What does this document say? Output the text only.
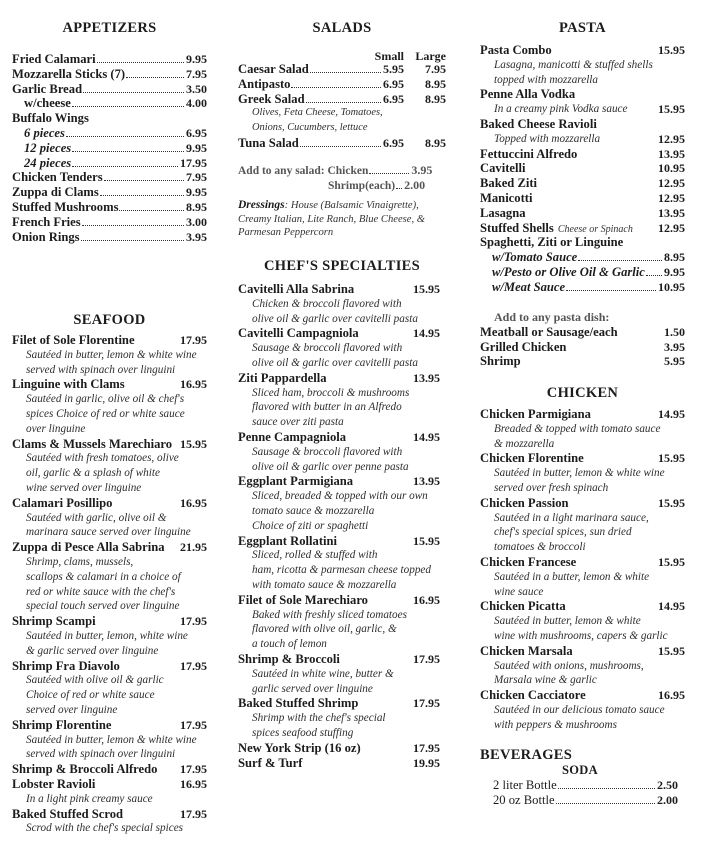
APPETIZERS
Fried Calamari	9.95
Mozzarella Sticks (7)	7.95
Garlic Bread	3.50
w/cheese	4.00
Buffalo Wings
6 pieces	6.95
12 pieces	9.95
24 pieces	17.95
Chicken Tenders	7.95
Zuppa di Clams	9.95
Stuffed Mushrooms	8.95
French Fries	3.00
Onion Rings	3.95
SEAFOOD
Filet of Sole Florentine	17.95
Sautéed in butter, lemon & white wine
served with spinach over linguini
Linguine with Clams	16.95
Sautéed in garlic, olive oil & chef's
spices Choice of red or white sauce
over linguine
Clams & Mussels Marechiaro 15.95
Sautéed with fresh tomatoes, olive
oil, garlic & a splash of white
wine served over linguine
Calamari Posillipo	16.95
Sautéed with garlic, olive oil &
marinara sauce served over linguine
Zuppa di Pesce Alla Sabrina 21.95
Shrimp, clams, mussels,
scallops & calamari in a choice of
red or white sauce with the chef's
special touch served over linguine
Shrimp Scampi	17.95
Sautéed in butter, lemon, white wine
& garlic served over linguine
Shrimp Fra Diavolo	17.95
Sautéed with olive oil & garlic
Choice of red or white sauce
served over linguine
Shrimp Florentine	17.95
Sautéed in butter, lemon & white wine
served with spinach over linguini
Shrimp & Broccoli Alfredo 17.95
Lobster Ravioli	16.95
In a light pink creamy sauce
Baked Stuffed Scrod	17.95
Scrod with the chef's special spices
SALADS
Small Large
Caesar Salad	5.95	7.95
Antipasto	6.95	8.95
Greek Salad	6.95	8.95
Olives, Feta Cheese, Tomatoes,
Onions, Cucumbers, lettuce
Tuna Salad	6.95	8.95
Add to any salad:
Chicken	3.95
Shrimp(each) 2.00
Dressings: House (Balsamic Vinaigrette), Creamy Italian, Lite Ranch, Blue Cheese, & Parmesan Peppercorn
CHEF'S SPECIALTIES
Cavitelli Alla Sabrina	15.95
Chicken & broccoli flavored with
olive oil & garlic over cavitelli pasta
Cavitelli Campagniola	14.95
Sausage & broccoli flavored with
olive oil & garlic over cavitelli pasta
Ziti Pappardella	13.95
Sliced ham, broccoli & mushrooms
flavored with butter in an Alfredo
sauce over ziti pasta
Penne Campagniola	14.95
Sausage & broccoli flavored with
olive oil & garlic over penne pasta
Eggplant Parmigiana	13.95
Sliced, breaded & topped with our own
tomato sauce & mozzarella
Choice of ziti or spaghetti
Eggplant Rollatini	15.95
Sliced, rolled & stuffed with
ham, ricotta & parmesan cheese topped
with tomato sauce & mozzarella
Filet of Sole Marechiaro	16.95
Baked with freshly sliced tomatoes
flavored with olive oil, garlic, &
a touch of lemon
Shrimp & Broccoli	17.95
Sautéed in white wine, butter &
garlic served over linguine
Baked Stuffed Shrimp	17.95
Shrimp with the chef's special
spices seafood stuffing
New York Strip (16 oz)	17.95
Surf & Turf	19.95
PASTA
Pasta Combo	15.95
Lasagna, manicotti & stuffed shells
topped with mozzarella
Penne Alla Vodka
In a creamy pink Vodka sauce	15.95
Baked Cheese Ravioli
Topped with mozzarella	12.95
Fettuccini Alfredo	13.95
Cavitelli	10.95
Baked Ziti	12.95
Manicotti	12.95
Lasagna	13.95
Stuffed Shells Cheese or Spinach 12.95
Spaghetti, Ziti or Linguine
w/Tomato Sauce	8.95
w/Pesto or Olive Oil & Garlic 9.95
w/Meat Sauce	10.95
Add to any pasta dish:
Meatball or Sausage/each	1.50
Grilled Chicken	3.95
Shrimp	5.95
CHICKEN
Chicken Parmigiana	14.95
Breaded & topped with tomato sauce
& mozzarella
Chicken Florentine	15.95
Sautéed in butter, lemon & white wine
served over fresh spinach
Chicken Passion	15.95
Sautéed in a light marinara sauce,
chef's special spices, sun dried
tomatoes & broccoli
Chicken Francese	15.95
Sautéed in a butter, lemon & white
wine sauce
Chicken Picatta	14.95
Sautéed in butter, lemon & white
wine with mushrooms, capers & garlic
Chicken Marsala	15.95
Sautéed with onions, mushrooms,
Marsala wine & garlic
Chicken Cacciatore	16.95
Sautéed in our delicious tomato sauce
with peppers & mushrooms
BEVERAGES
SODA
2 liter Bottle	2.50
20 oz Bottle	2.00
